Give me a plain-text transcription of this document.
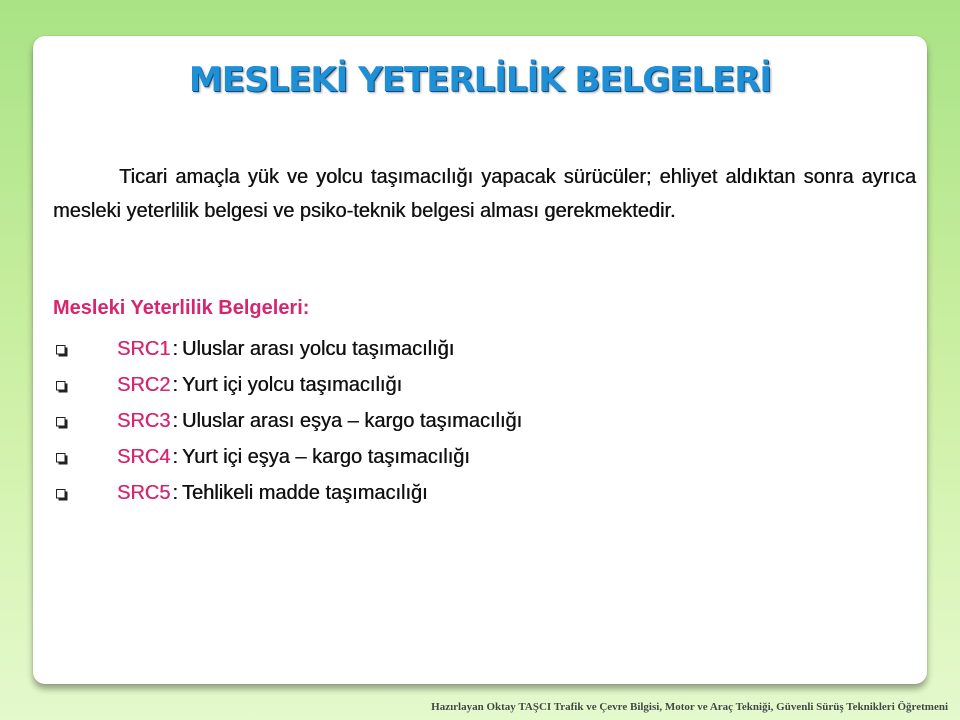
MESLEKİ YETERLİLİK BELGELERİ
Ticari amaçla yük ve yolcu taşımacılığı yapacak sürücüler; ehliyet aldıktan sonra ayrıca mesleki yeterlilik belgesi ve psiko-teknik belgesi alması gerekmektedir.
Mesleki Yeterlilik Belgeleri:
SRC1 : Uluslar arası yolcu taşımacılığı
SRC2 : Yurt içi yolcu taşımacılığı
SRC3 : Uluslar arası eşya – kargo taşımacılığı
SRC4 : Yurt içi eşya – kargo taşımacılığı
SRC5 : Tehlikeli madde taşımacılığı
Hazırlayan Oktay TAŞCI Trafik ve Çevre Bilgisi, Motor ve Araç Tekniği, Güvenli Sürüş Teknikleri Öğretmeni
